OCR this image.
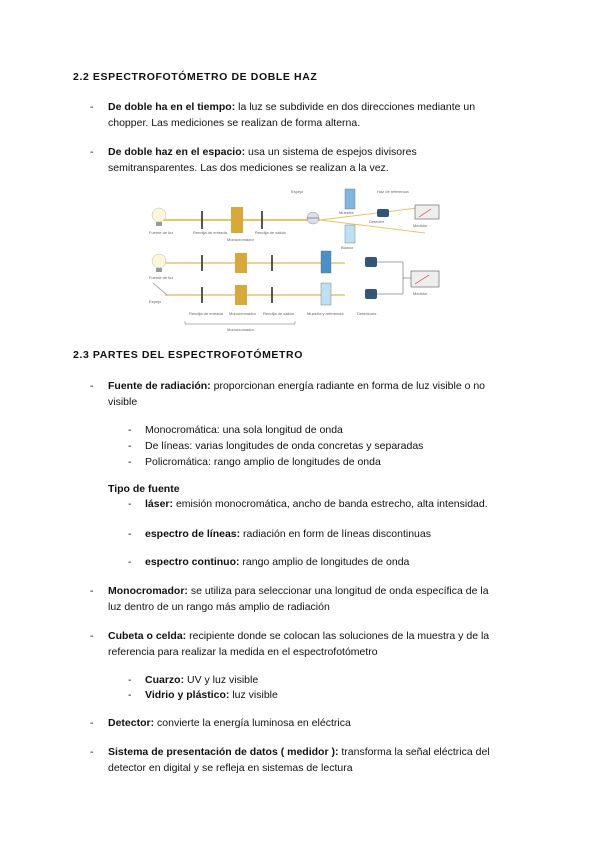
2.2 ESPECTROFOTÓMETRO DE DOBLE HAZ
- De doble ha en el tiempo: la luz se subdivide en dos direcciones mediante un
chopper. Las mediciones se realizan de forma alterna.
- De doble haz en el espacio: usa un sistema de espejos divisores
semitransparentes. Las dos mediciones se realizan a la vez.
Fuente de luz	Rendija de entrada
Monocromador
Rendija de salida
Espejo
Muestra
Blanco
Detector
Medidor
Haz de referencia
Fuente de luz
Espejo
Medidor
Rendija de entrada Monocromador Rendija de salida	Muestra y referencia	Detectores
Monocromador
2.3 PARTES DEL ESPECTROFOTÓMETRO
- Fuente de radiación: proporcionan energía radiante en forma de luz visible o no
visible
- Monocromática: una sola longitud de onda
- De líneas: varias longitudes de onda concretas y separadas
- Policromática: rango amplio de longitudes de onda
Tipo de fuente
- láser: emisión monocromática, ancho de banda estrecho, alta intensidad.
- espectro de líneas: radiación en form de líneas discontinuas
- espectro continuo: rango amplio de longitudes de onda
- Monocromador: se utiliza para seleccionar una longitud de onda específica de la
luz dentro de un rango más amplio de radiación
- Cubeta o celda: recipiente donde se colocan las soluciones de la muestra y de la
referencia para realizar la medida en el espectrofotómetro
- Cuarzo: UV y luz visible
- Vidrio y plástico: luz visible
- Detector: convierte la energía luminosa en eléctrica
- Sistema de presentación de datos ( medidor ): transforma la señal eléctrica del
detector en digital y se refleja en sistemas de lectura
